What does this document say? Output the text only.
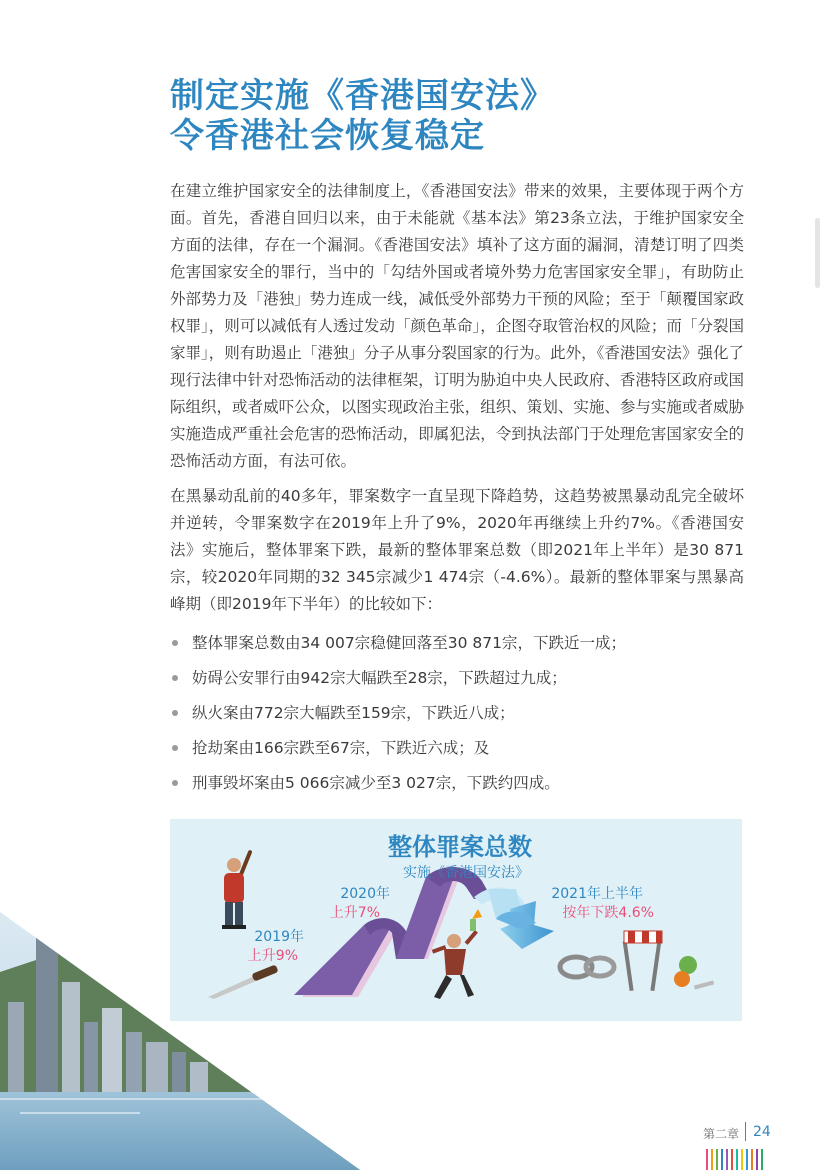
制定实施《香港国安法》
令香港社会恢复稳定

在建立维护国家安全的法律制度上，《香港国安法》带来的效果，主要体现于两个方面。首先，香港自回归以来，由于未能就《基本法》第23条立法，于维护国家安全方面的法律，存在一个漏洞。《香港国安法》填补了这方面的漏洞，清楚订明了四类危害国家安全的罪行，当中的「勾结外国或者境外势力危害国家安全罪」，有助防止外部势力及「港独」势力连成一线，减低受外部势力干预的风险；至于「颠覆国家政权罪」，则可以减低有人透过发动「颜色革命」，企图夺取管治权的风险；而「分裂国家罪」，则有助遏止「港独」分子从事分裂国家的行为。此外，《香港国安法》强化了现行法律中针对恐怖活动的法律框架，订明为胁迫中央人民政府、香港特区政府或国际组织，或者威吓公众，以图实现政治主张，组织、策划、实施、参与实施或者威胁实施造成严重社会危害的恐怖活动，即属犯法，令到执法部门于处理危害国家安全的恐怖活动方面，有法可依。

在黑暴动乱前的40多年，罪案数字一直呈现下降趋势，这趋势被黑暴动乱完全破坏并逆转，令罪案数字在2019年上升了9%，2020年再继续上升约7%。《香港国安法》实施后，整体罪案下跌，最新的整体罪案总数（即2021年上半年）是30 871宗，较2020年同期的32 345宗减少1 474宗（-4.6%）。最新的整体罪案与黑暴高峰期（即2019年下半年）的比较如下：

整体罪案总数由34 007宗稳健回落至30 871宗，下跌近一成；
妨碍公安罪行由942宗大幅跌至28宗，下跌超过九成；
纵火案由772宗大幅跌至159宗，下跌近八成；
抢劫案由166宗跌至67宗，下跌近六成；及
刑事毁坏案由5 066宗减少至3 027宗，下跌约四成。
整体罪案总数
实施《香港国安法》
2019年
上升9%
2020年
上升7%
2021年上半年
按年下跌4.6%
第二章 24
